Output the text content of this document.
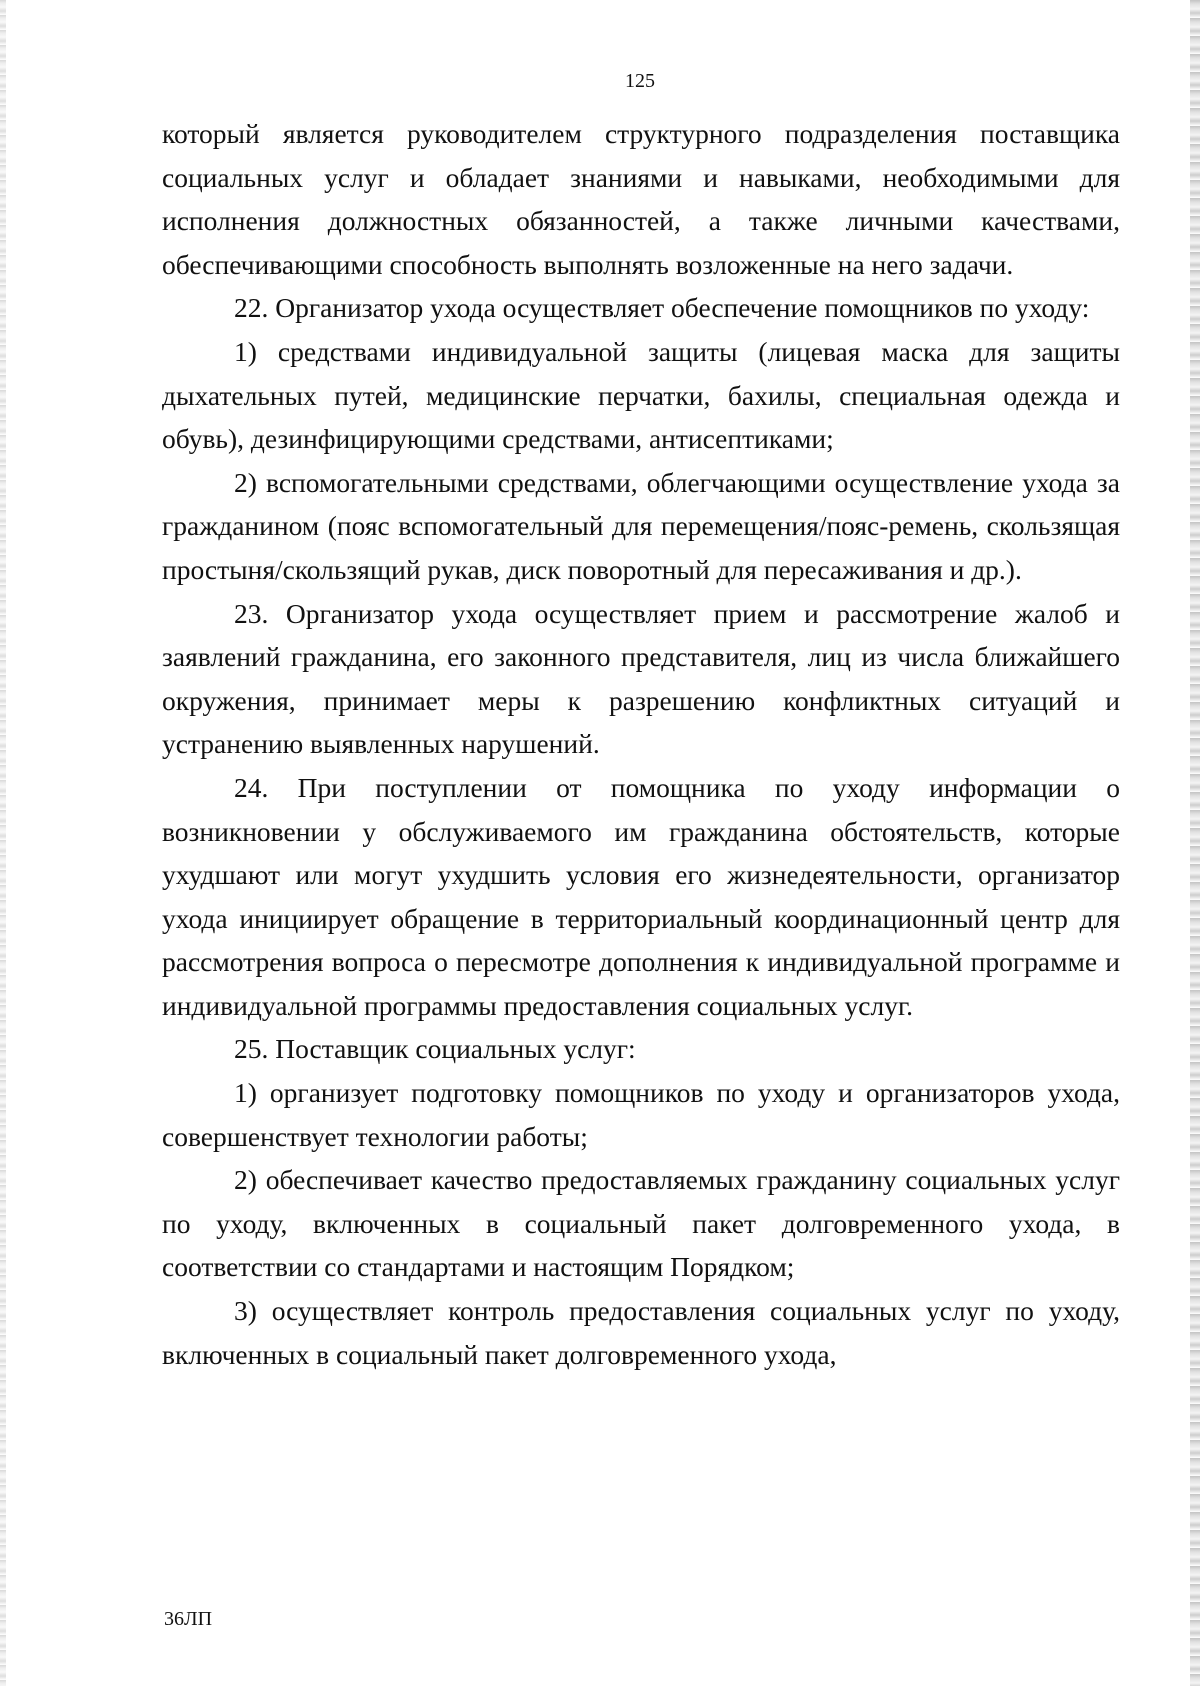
125

который является руководителем структурного подразделения поставщика социальных услуг и обладает знаниями и навыками, необходимыми для исполнения должностных обязанностей, а также личными качествами, обеспечивающими способность выполнять возложенные на него задачи.

22. Организатор ухода осуществляет обеспечение помощников по уходу:

1) средствами индивидуальной защиты (лицевая маска для защиты дыхательных путей, медицинские перчатки, бахилы, специальная одежда и обувь), дезинфицирующими средствами, антисептиками;

2) вспомогательными средствами, облегчающими осуществление ухода за гражданином (пояс вспомогательный для перемещения/пояс-ремень, скользящая простыня/скользящий рукав, диск поворотный для пересаживания и др.).

23. Организатор ухода осуществляет прием и рассмотрение жалоб и заявлений гражданина, его законного представителя, лиц из числа ближайшего окружения, принимает меры к разрешению конфликтных ситуаций и устранению выявленных нарушений.

24. При поступлении от помощника по уходу информации о возникновении у обслуживаемого им гражданина обстоятельств, которые ухудшают или могут ухудшить условия его жизнедеятельности, организатор ухода инициирует обращение в территориальный координационный центр для рассмотрения вопроса о пересмотре дополнения к индивидуальной программе и индивидуальной программы предоставления социальных услуг.

25. Поставщик социальных услуг:

1) организует подготовку помощников по уходу и организаторов ухода, совершенствует технологии работы;

2) обеспечивает качество предоставляемых гражданину социальных услуг по уходу, включенных в социальный пакет долговременного ухода, в соответствии со стандартами и настоящим Порядком;

3) осуществляет контроль предоставления социальных услуг по уходу, включенных в социальный пакет долговременного ухода,

36ЛП
